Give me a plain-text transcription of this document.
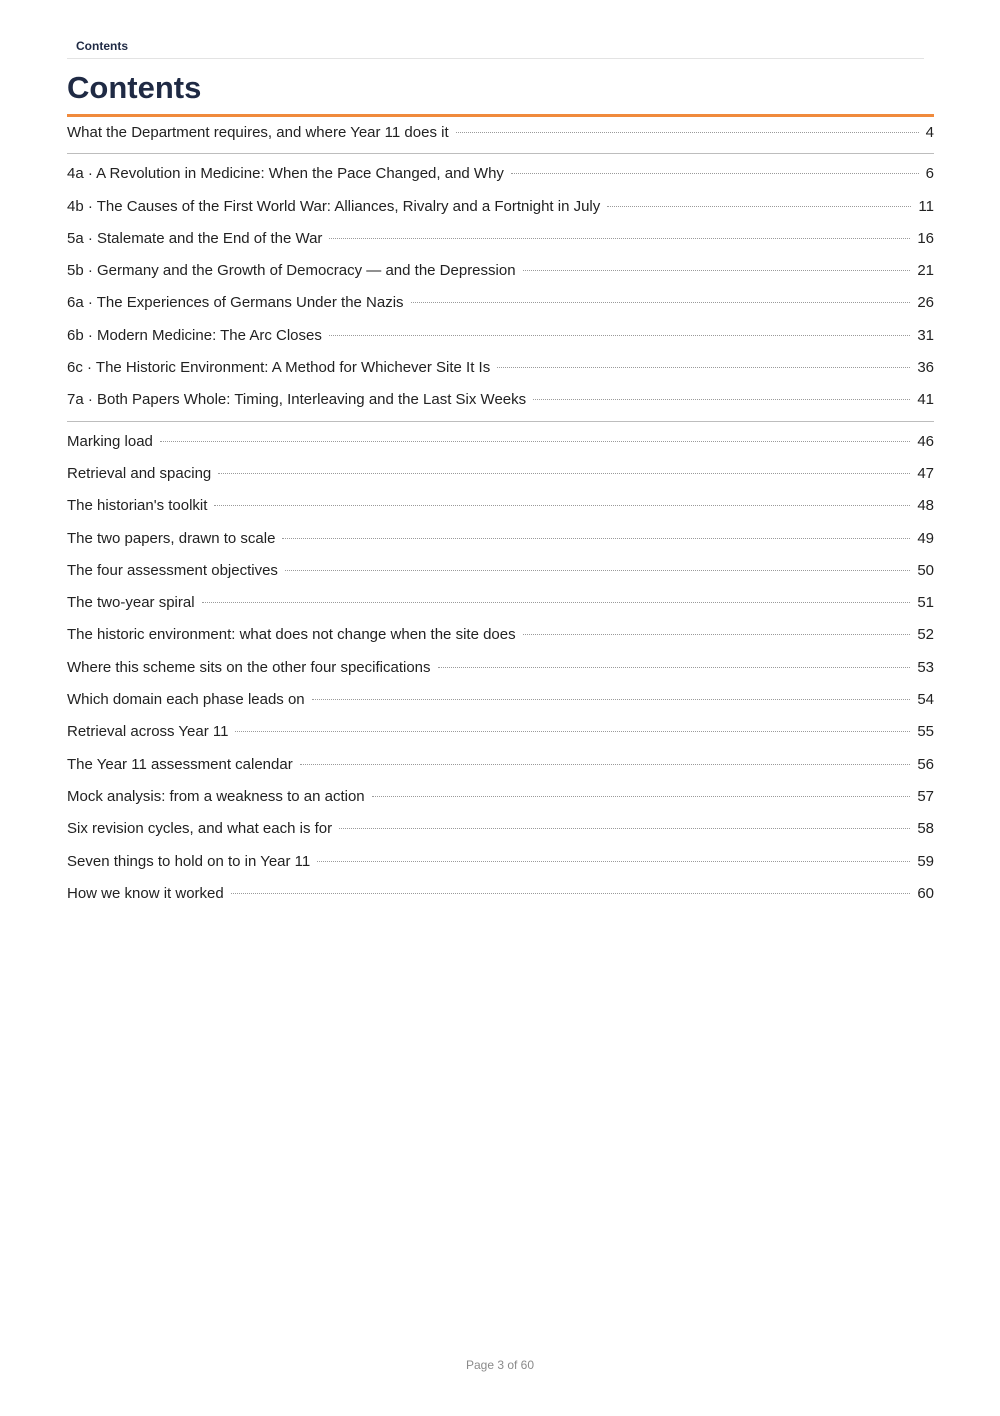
Contents
Contents
What the Department requires, and where Year 11 does it	4
4a · A Revolution in Medicine: When the Pace Changed, and Why	6
4b · The Causes of the First World War: Alliances, Rivalry and a Fortnight in July	11
5a · Stalemate and the End of the War	16
5b · Germany and the Growth of Democracy — and the Depression	21
6a · The Experiences of Germans Under the Nazis	26
6b · Modern Medicine: The Arc Closes	31
6c · The Historic Environment: A Method for Whichever Site It Is	36
7a · Both Papers Whole: Timing, Interleaving and the Last Six Weeks	41
Marking load	46
Retrieval and spacing	47
The historian's toolkit	48
The two papers, drawn to scale	49
The four assessment objectives	50
The two-year spiral	51
The historic environment: what does not change when the site does	52
Where this scheme sits on the other four specifications	53
Which domain each phase leads on	54
Retrieval across Year 11	55
The Year 11 assessment calendar	56
Mock analysis: from a weakness to an action	57
Six revision cycles, and what each is for	58
Seven things to hold on to in Year 11	59
How we know it worked	60
Page 3 of 60
